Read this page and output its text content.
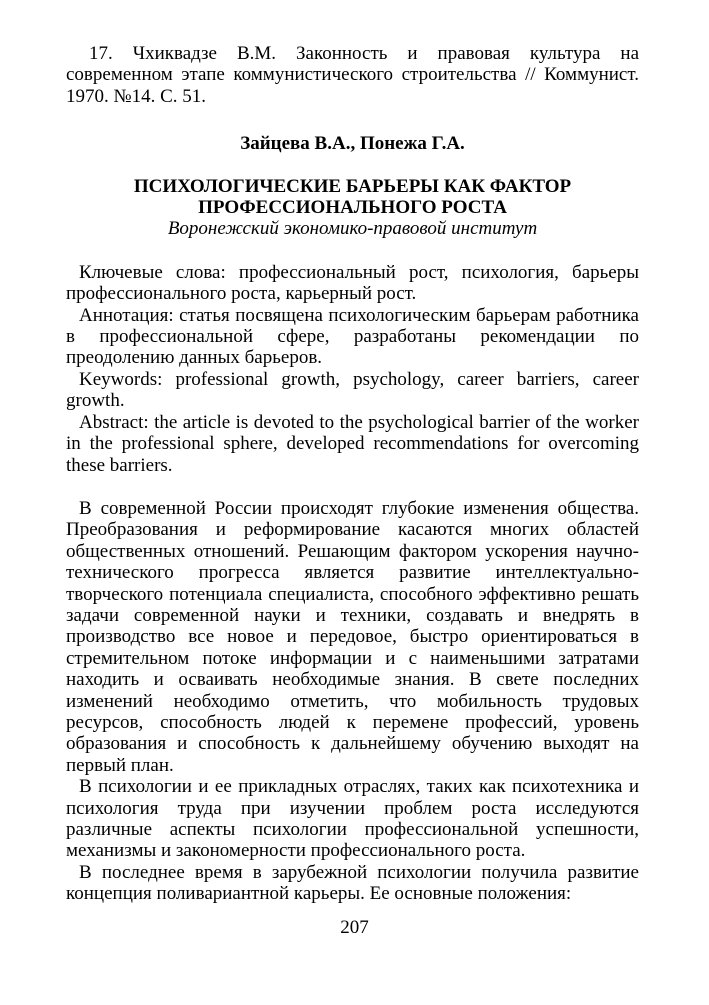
17. Чхиквадзе В.М. Законность и правовая культура на современном этапе коммунистического строительства // Коммунист. 1970. №14. С. 51.

Зайцева В.А., Понежа Г.А.

ПСИХОЛОГИЧЕСКИЕ БАРЬЕРЫ КАК ФАКТОР
ПРОФЕССИОНАЛЬНОГО РОСТА

Воронежский экономико-правовой институт

Ключевые слова: профессиональный рост, психология, барьеры профессионального роста, карьерный рост.

Аннотация: статья посвящена психологическим барьерам работника в профессиональной сфере, разработаны рекомендации по преодолению данных барьеров.

Keywords: professional growth, psychology, career barriers, career growth.

Abstract: the article is devoted to the psychological barrier of the worker in the professional sphere, developed recommendations for overcoming these barriers.

В современной России происходят глубокие изменения общества. Преобразования и реформирование касаются многих областей общественных отношений. Решающим фактором ускорения научно-технического прогресса является развитие интеллектуально-творческого потенциала специалиста, способного эффективно решать задачи современной науки и техники, создавать и внедрять в производство все новое и передовое, быстро ориентироваться в стремительном потоке информации и с наименьшими затратами находить и осваивать необходимые знания. В свете последних изменений необходимо отметить, что мобильность трудовых ресурсов, способность людей к перемене профессий, уровень образования и способность к дальнейшему обучению выходят на первый план.

В психологии и ее прикладных отраслях, таких как психотехника и психология труда при изучении проблем роста исследуются различные аспекты психологии профессиональной успешности, механизмы и закономерности профессионального роста.

В последнее время в зарубежной психологии получила развитие концепция поливариантной карьеры. Ее основные положения:

207
